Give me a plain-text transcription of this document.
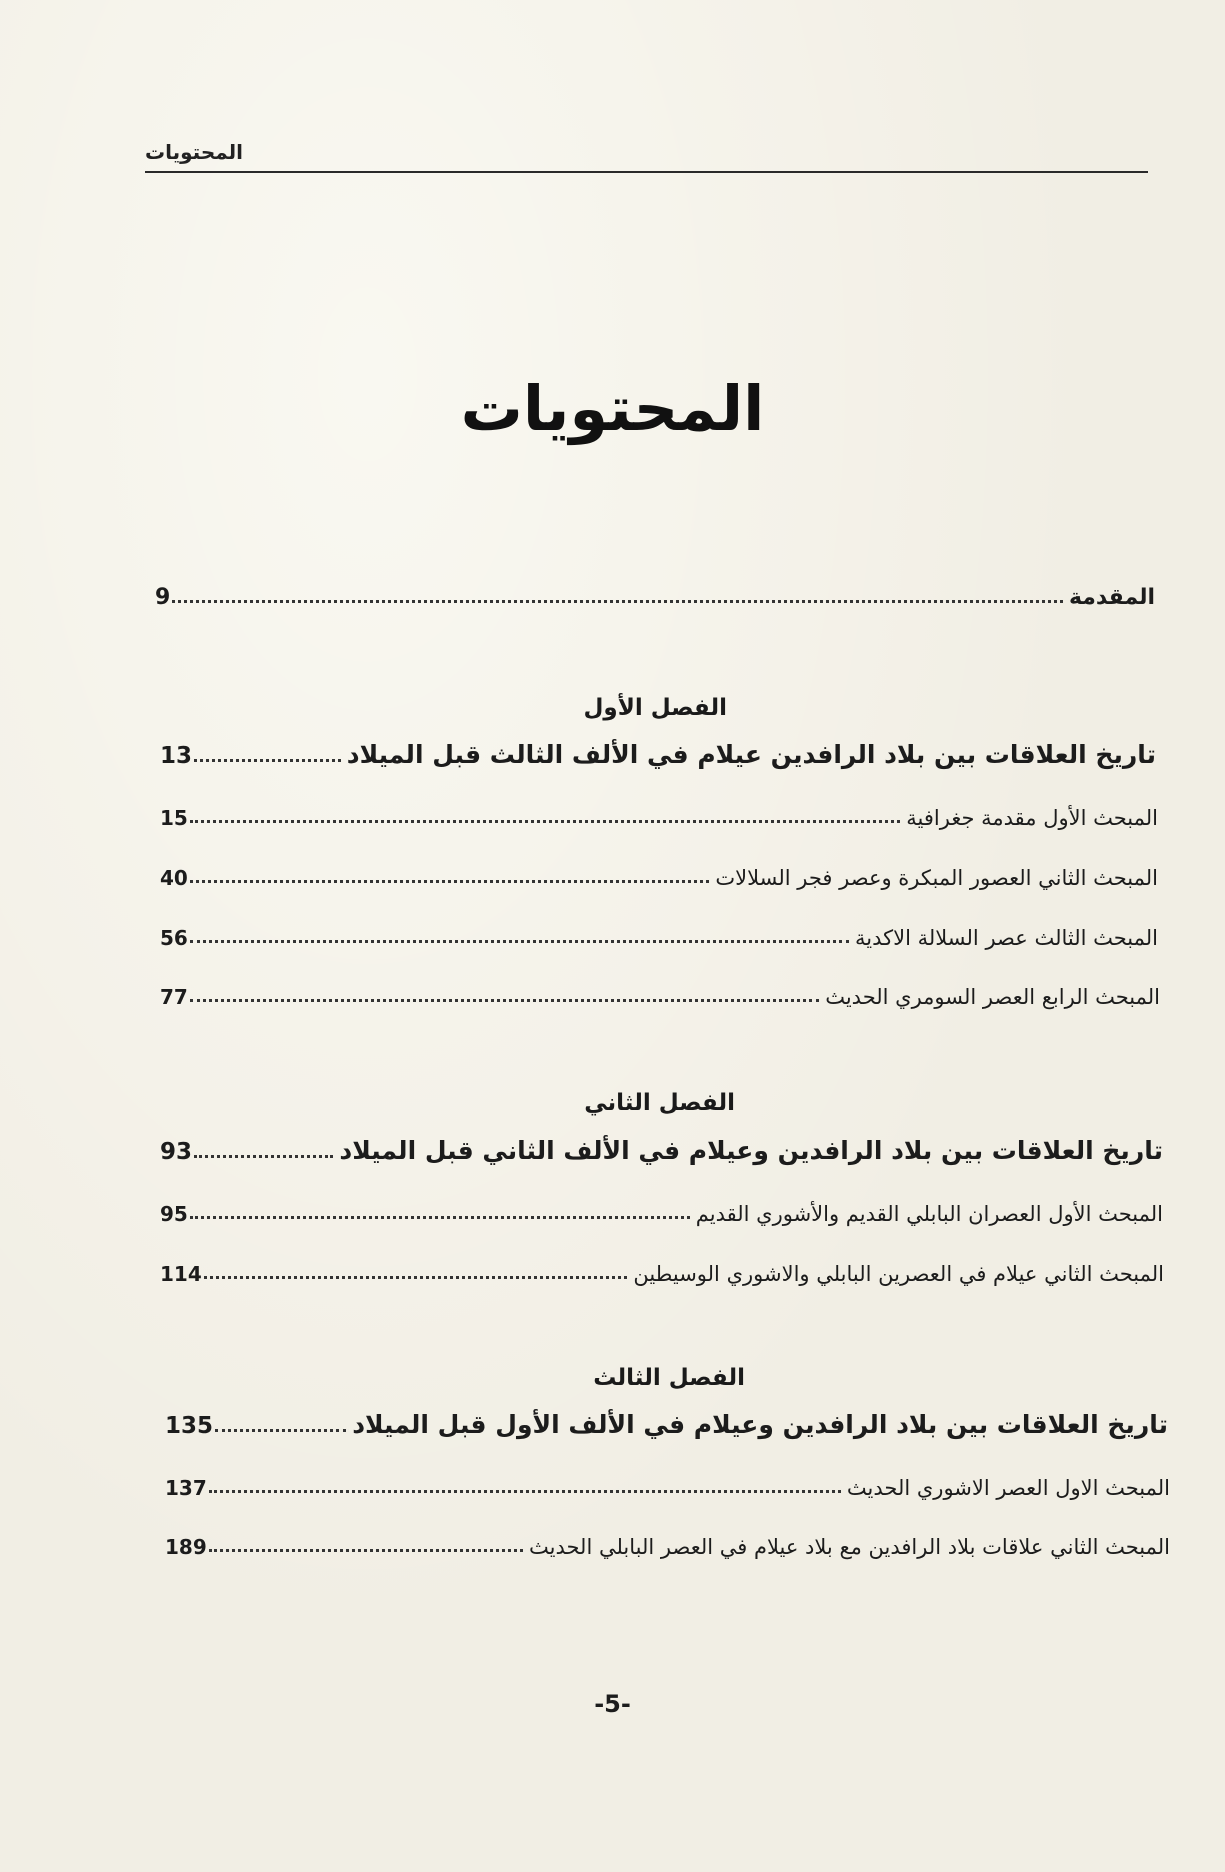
المحتويات
المحتويات
المقدمة
9
الفصل الأول
تاريخ العلاقات بين بلاد الرافدين عيلام في الألف الثالث قبل الميلاد
13
المبحث الأول مقدمة جغرافية
15
المبحث الثاني العصور المبكرة وعصر فجر السلالات
40
المبحث الثالث عصر السلالة الاكدية
56
المبحث الرابع العصر السومري الحديث
77
الفصل الثاني
تاريخ العلاقات بين بلاد الرافدين وعيلام في الألف الثاني قبل الميلاد
93
المبحث الأول العصران البابلي القديم والأشوري القديم
95
المبحث الثاني عيلام في العصرين البابلي والاشوري الوسيطين
114
الفصل الثالث
تاريخ العلاقات بين بلاد الرافدين وعيلام في الألف الأول قبل الميلاد
135
المبحث الاول العصر الاشوري الحديث
137
المبحث الثاني علاقات بلاد الرافدين مع بلاد عيلام في العصر البابلي الحديث
189
-5-
